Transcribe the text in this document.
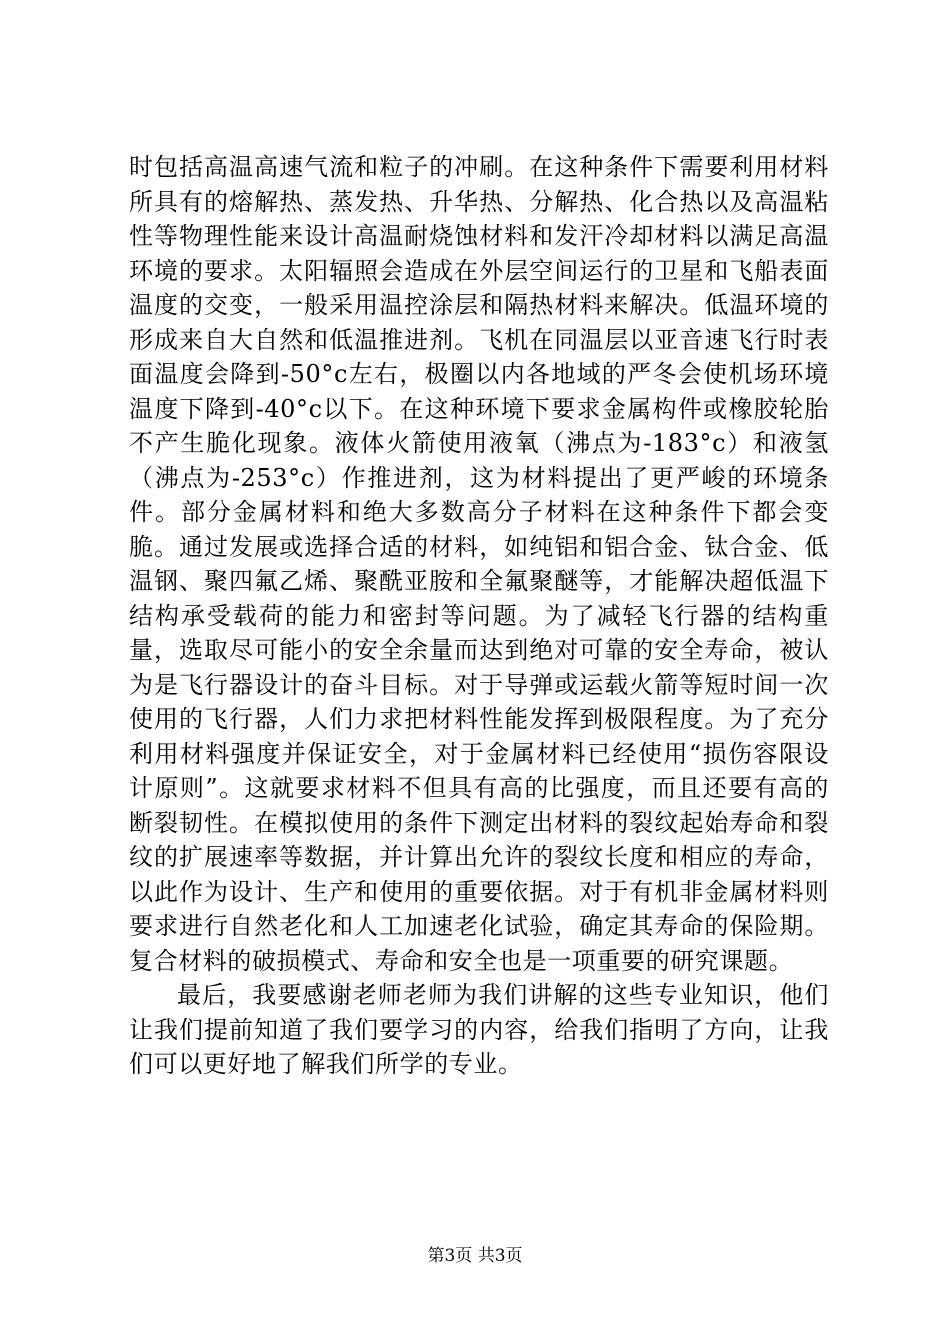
时包括高温高速气流和粒子的冲刷。在这种条件下需要利用材料所具有的熔解热、蒸发热、升华热、分解热、化合热以及高温粘性等物理性能来设计高温耐烧蚀材料和发汗冷却材料以满足高温环境的要求。太阳辐照会造成在外层空间运行的卫星和飞船表面温度的交变，一般采用温控涂层和隔热材料来解决。低温环境的形成来自大自然和低温推进剂。飞机在同温层以亚音速飞行时表面温度会降到-50°c左右，极圈以内各地域的严冬会使机场环境温度下降到-40°c以下。在这种环境下要求金属构件或橡胶轮胎不产生脆化现象。液体火箭使用液氧（沸点为-183°c）和液氢（沸点为-253°c）作推进剂，这为材料提出了更严峻的环境条件。部分金属材料和绝大多数高分子材料在这种条件下都会变脆。通过发展或选择合适的材料，如纯铝和铝合金、钛合金、低温钢、聚四氟乙烯、聚酰亚胺和全氟聚醚等，才能解决超低温下结构承受载荷的能力和密封等问题。为了减轻飞行器的结构重量，选取尽可能小的安全余量而达到绝对可靠的安全寿命，被认为是飞行器设计的奋斗目标。对于导弹或运载火箭等短时间一次使用的飞行器，人们力求把材料性能发挥到极限程度。为了充分利用材料强度并保证安全，对于金属材料已经使用“损伤容限设计原则”。这就要求材料不但具有高的比强度，而且还要有高的断裂韧性。在模拟使用的条件下测定出材料的裂纹起始寿命和裂纹的扩展速率等数据，并计算出允许的裂纹长度和相应的寿命，以此作为设计、生产和使用的重要依据。对于有机非金属材料则要求进行自然老化和人工加速老化试验，确定其寿命的保险期。复合材料的破损模式、寿命和安全也是一项重要的研究课题。

最后，我要感谢老师老师为我们讲解的这些专业知识，他们让我们提前知道了我们要学习的内容，给我们指明了方向，让我们可以更好地了解我们所学的专业。

第3页 共3页
